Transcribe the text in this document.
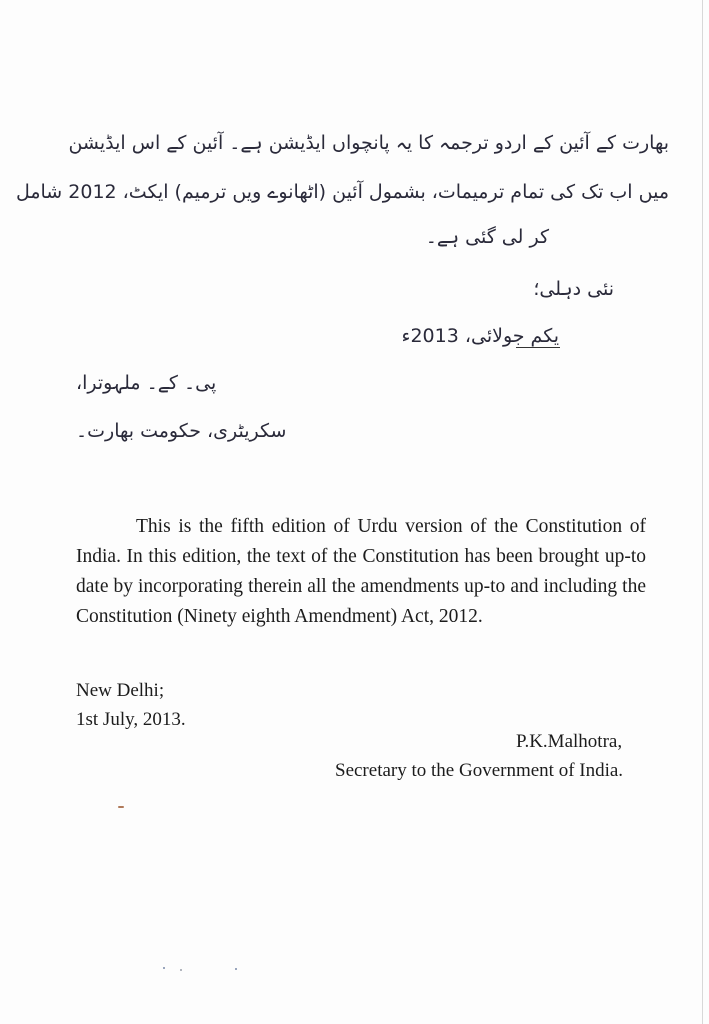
بھارت کے آئین کے اردو ترجمہ کا یہ پانچواں ایڈیشن ہے۔ آئین کے اس ایڈیشن
میں اب تک کی تمام ترمیمات، بشمول آئین (اٹھانوے ویں ترمیم) ایکٹ، 2012 شامل
کر لی گئی ہے۔
نئی دہلی؛
یکم جولائی، 2013ء
پی۔ کے۔ ملہوترا،
سکریٹری، حکومت بھارت۔
This is the fifth edition of Urdu version of the Constitution of India. In this edition, the text of the Constitution has been brought up-to date by incorporating therein all the amendments up-to and including the Constitution (Ninety eighth Amendment) Act, 2012.
New Delhi;
1st July, 2013.
P.K.Malhotra,
Secretary to the Government of India.
